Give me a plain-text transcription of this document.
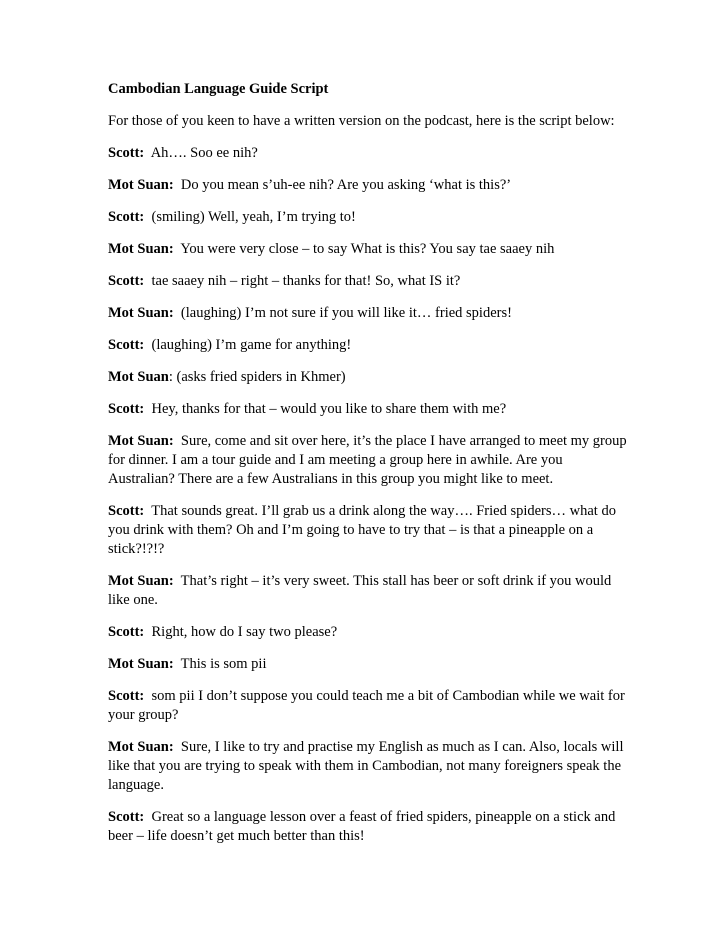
Cambodian Language Guide Script

For those of you keen to have a written version on the podcast, here is the script below:

Scott: Ah…. Soo ee nih?

Mot Suan: Do you mean s’uh-ee nih? Are you asking ‘what is this?’

Scott: (smiling) Well, yeah, I’m trying to!

Mot Suan: You were very close – to say What is this? You say tae saaey nih

Scott: tae saaey nih – right – thanks for that! So, what IS it?

Mot Suan: (laughing) I’m not sure if you will like it… fried spiders!

Scott: (laughing) I’m game for anything!

Mot Suan: (asks fried spiders in Khmer)

Scott: Hey, thanks for that – would you like to share them with me?

Mot Suan: Sure, come and sit over here, it’s the place I have arranged to meet my group for dinner. I am a tour guide and I am meeting a group here in awhile. Are you Australian? There are a few Australians in this group you might like to meet.

Scott: That sounds great. I’ll grab us a drink along the way…. Fried spiders… what do you drink with them? Oh and I’m going to have to try that – is that a pineapple on a stick?!?!?

Mot Suan: That’s right – it’s very sweet. This stall has beer or soft drink if you would like one.

Scott: Right, how do I say two please?

Mot Suan: This is som pii

Scott: som pii I don’t suppose you could teach me a bit of Cambodian while we wait for your group?

Mot Suan: Sure, I like to try and practise my English as much as I can. Also, locals will like that you are trying to speak with them in Cambodian, not many foreigners speak the language.

Scott: Great so a language lesson over a feast of fried spiders, pineapple on a stick and beer – life doesn’t get much better than this!
